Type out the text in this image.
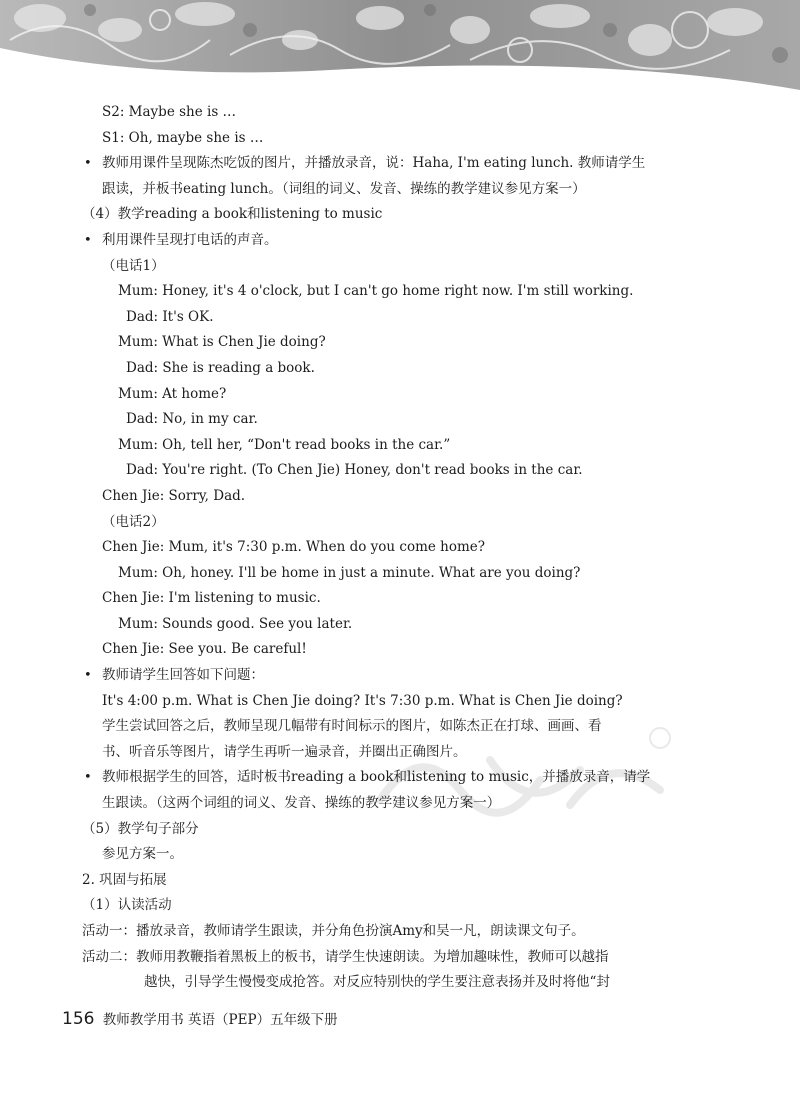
S2: Maybe she is …
S1: Oh, maybe she is …
• 教师用课件呈现陈杰吃饭的图片，并播放录音，说：Haha, I'm eating lunch. 教师请学生
跟读，并板书eating lunch。（词组的词义、发音、操练的教学建议参见方案一）
（4）教学reading a book和listening to music
• 利用课件呈现打电话的声音。
（电话1）
Mum: Honey, it's 4 o'clock, but I can't go home right now. I'm still working.
Dad: It's OK.
Mum: What is Chen Jie doing?
Dad: She is reading a book.
Mum: At home?
Dad: No, in my car.
Mum: Oh, tell her, “Don't read books in the car.”
Dad: You're right. (To Chen Jie) Honey, don't read books in the car.
Chen Jie: Sorry, Dad.
（电话2）
Chen Jie: Mum, it's 7:30 p.m. When do you come home?
Mum: Oh, honey. I'll be home in just a minute. What are you doing?
Chen Jie: I'm listening to music.
Mum: Sounds good. See you later.
Chen Jie: See you. Be careful!
• 教师请学生回答如下问题：
It's 4:00 p.m. What is Chen Jie doing? It's 7:30 p.m. What is Chen Jie doing?
学生尝试回答之后，教师呈现几幅带有时间标示的图片，如陈杰正在打球、画画、看
书、听音乐等图片，请学生再听一遍录音，并圈出正确图片。
• 教师根据学生的回答，适时板书reading a book和listening to music，并播放录音，请学
生跟读。（这两个词组的词义、发音、操练的教学建议参见方案一）
（5）教学句子部分
参见方案一。
2. 巩固与拓展
（1）认读活动
活动一：播放录音，教师请学生跟读，并分角色扮演Amy和吴一凡，朗读课文句子。
活动二：教师用教鞭指着黑板上的板书，请学生快速朗读。为增加趣味性，教师可以越指
越快，引导学生慢慢变成抢答。对反应特别快的学生要注意表扬并及时将他“封
156 教师教学用书 英语（PEP）五年级下册
